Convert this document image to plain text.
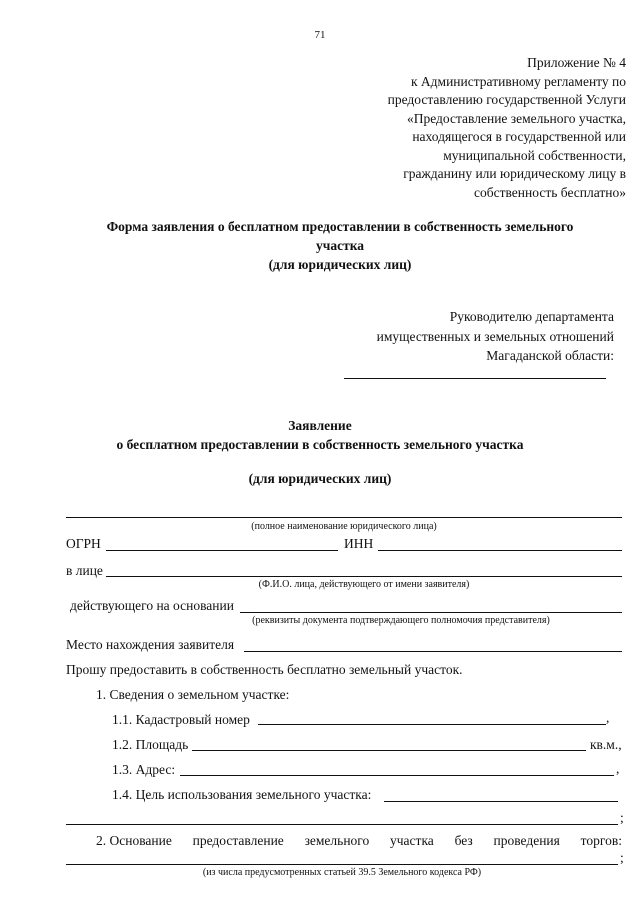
71
Приложение № 4
к Административному регламенту по
предоставлению государственной Услуги
«Предоставление земельного участка,
находящегося в государственной или
муниципальной собственности,
гражданину или юридическому лицу в
собственность бесплатно»
Форма заявления о бесплатном предоставлении в собственность земельного
участка
(для юридических лиц)
Руководителю департамента
имущественных и земельных отношений
Магаданской области:
Заявление
о бесплатном предоставлении в собственность земельного участка
(для юридических лиц)
(полное наименование юридического лица)
ОГРН	ИНН
в лице
(Ф.И.О. лица, действующего от имени заявителя)
действующего на основании
(реквизиты документа подтверждающего полномочия представителя)
Место нахождения заявителя
Прошу предоставить в собственность бесплатно земельный участок.
1. Сведения о земельном участке:
1.1. Кадастровый номер	,
1.2. Площадь	кв.м.,
1.3. Адрес:	,
1.4. Цель использования земельного участка:
;
2. Основание предоставление земельного участка без проведения торгов:
;
(из числа предусмотренных статьей 39.5 Земельного кодекса РФ)
